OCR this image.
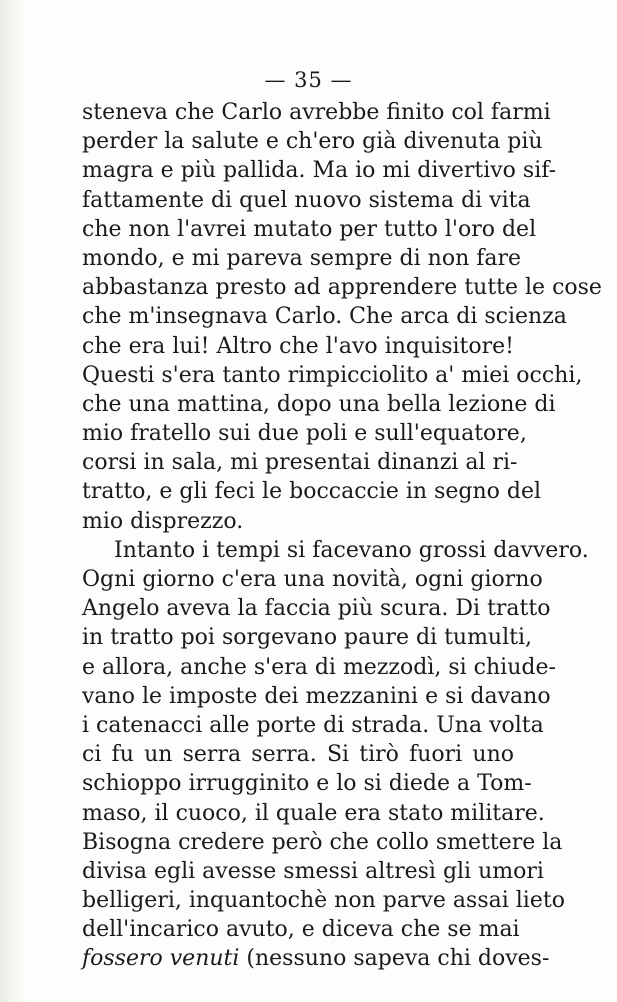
— 35 —
steneva che Carlo avrebbe finito col farmi
perder la salute e ch'ero già divenuta più
magra e più pallida. Ma io mi divertivo sif-
fattamente di quel nuovo sistema di vita
che non l'avrei mutato per tutto l'oro del
mondo, e mi pareva sempre di non fare
abbastanza presto ad apprendere tutte le cose
che m'insegnava Carlo. Che arca di scienza
che era lui! Altro che l'avo inquisitore!
Questi s'era tanto rimpicciolito a' miei occhi,
che una mattina, dopo una bella lezione di
mio fratello sui due poli e sull'equatore,
corsi in sala, mi presentai dinanzi al ri-
tratto, e gli feci le boccaccie in segno del
mio disprezzo.
Intanto i tempi si facevano grossi davvero.
Ogni giorno c'era una novità, ogni giorno
Angelo aveva la faccia più scura. Di tratto
in tratto poi sorgevano paure di tumulti,
e allora, anche s'era di mezzodì, si chiude-
vano le imposte dei mezzanini e si davano
i catenacci alle porte di strada. Una volta
ci fu un serra serra. Si tirò fuori uno
schioppo irrugginito e lo si diede a Tom-
maso, il cuoco, il quale era stato militare.
Bisogna credere però che collo smettere la
divisa egli avesse smessi altresì gli umori
belligeri, inquantochè non parve assai lieto
dell'incarico avuto, e diceva che se mai
fossero venuti (nessuno sapeva chi doves-
